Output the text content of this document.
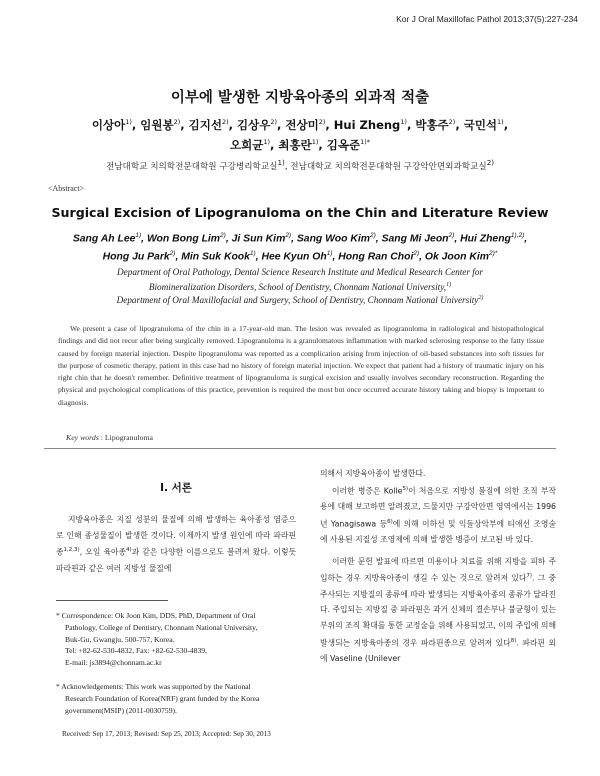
Kor J Oral Maxillofac Pathol 2013;37(5):227-234
이부에 발생한 지방육아종의 외과적 적출
이상아$^{1)}$, 임원봉$^{2)}$, 김지선$^{2)}$, 김상우$^{2)}$, 전상미$^{2)}$, Hui Zheng$^{1)}$, 박홍주$^{2)}$, 국민석$^{1)}$,
오희균$^{1)}$, 최홍란$^{1)}$, 김옥준$^{1)*}$
전남대학교 치의학전문대학원 구강병리학교실$^{1)}$, 전남대학교 치의학전문대학원 구강악안면외과학교실$^{2)}$
<Abstract>
Surgical Excision of Lipogranuloma on the Chin and Literature Review
Sang Ah Lee$^{1)}$, Won Bong Lim$^{2)}$, Ji Sun Kim$^{2)}$, Sang Woo Kim$^{2)}$, Sang Mi Jeon$^{2)}$, Hui Zheng$^{1),2)}$,
Hong Ju Park$^{2)}$, Min Suk Kook$^{1)}$, Hee Kyun Oh$^{1)}$, Hong Ran Choi$^{2)}$, Ok Joon Kim$^{2)*}$
Department of Oral Pathology, Dental Science Research Institute and Medical Research Center for
Biomineralization Disorders, School of Dentistry, Chonnam National University,$^{1)}$
Department of Oral Maxillofacial and Surgery, School of Dentistry, Chonnam National University$^{2)}$

We present a case of lipogranuloma of the chin in a 17-year-old man. The lesion was revealed as lipogranuloma in radiological and histopathological findings and did not recur after being surgically removed. Lipogranuloma is a granulomatous inflammation with marked sclerosing response to the fatty tissue caused by foreign material injection. Despite lipogranuloma was reported as a complication arising from injection of oil-based substances into soft tissues for the purpose of cosmetic therapy, patient in this case had no history of foreign material injection. We expect that patient had a history of traumatic injury on his right chin that he doesn't remember. Definitive treatment of lipogranuloma is surgical excision and usually involves secondary reconstruction. Regarding the physical and psychological complications of this practice, prevention is required the most but once occurred accurate history taking and biopsy is important to diagnosis.

Key words : Lipogranuloma
Ⅰ. 서론

지방육아종은 지질 성분의 물질에 의해 발생하는 육아종성 염증으로 인해 종성물질이 발생한 것이다. 이제까지 발생 원인에 따라 파라핀종$^{1,2,3)}$, 오일 육아종$^{4)}$과 같은 다양한 이름으로도 불려져 왔다. 이렇듯 파라핀과 같은 여러 지방성 물질에

의해서 지방육아종이 발생한다.

이러한 병증은 Kolle$^{5)}$이 처음으로 지방성 물질에 의한 조직 부작용에 대해 보고하면 알려졌고, 드물지만 구강악안면 영역에서는 1996년 Yanagisawa 등$^{6)}$에 의해 이하선 및 익돌상악부에 티애선 조영술에 사용된 지질성 조영제에 의해 발생한 병증이 보고된 바 있다.

이러한 문헌 발표에 따르면 미용이나 치료를 위해 지방을 피하 주입하는 경우 지방육아종이 생길 수 있는 것으로 알려져 있다$^{7)}$. 그 중 주사되는 지방질의 종류에 따라 발생되는 지방육아종의 종류가 달라진다. 주입되는 지방질 중 파라핀은 과거 신체의 결손부나 불균형이 있는 부위의 조직 확대를 통한 교정술을 위해 사용되었고, 이의 주입에 의해 발생되는 지방육아종의 경우 파라핀종으로 알려져 있다$^{8)}$. 파라핀 외에 Vaseline (Unilever

* Correspondence: Ok Joon Kim, DDS, PhD, Department of Oral
Pathology, College of Dentistry, Chonnam National University,
Buk-Gu, Gwangju, 500-757, Korea.
Tel: +82-62-530-4832, Fax: +82-62-530-4839,
E-mail: js3894@chonnam.ac.kr
* Acknowledgements: This work was supported by the National
Research Foundation of Korea(NRF) grant funded by the Korea
government(MSIP) (2011-0030759).
Received: Sep 17, 2013; Revised: Sep 25, 2013; Accepted: Sep 30, 2013
